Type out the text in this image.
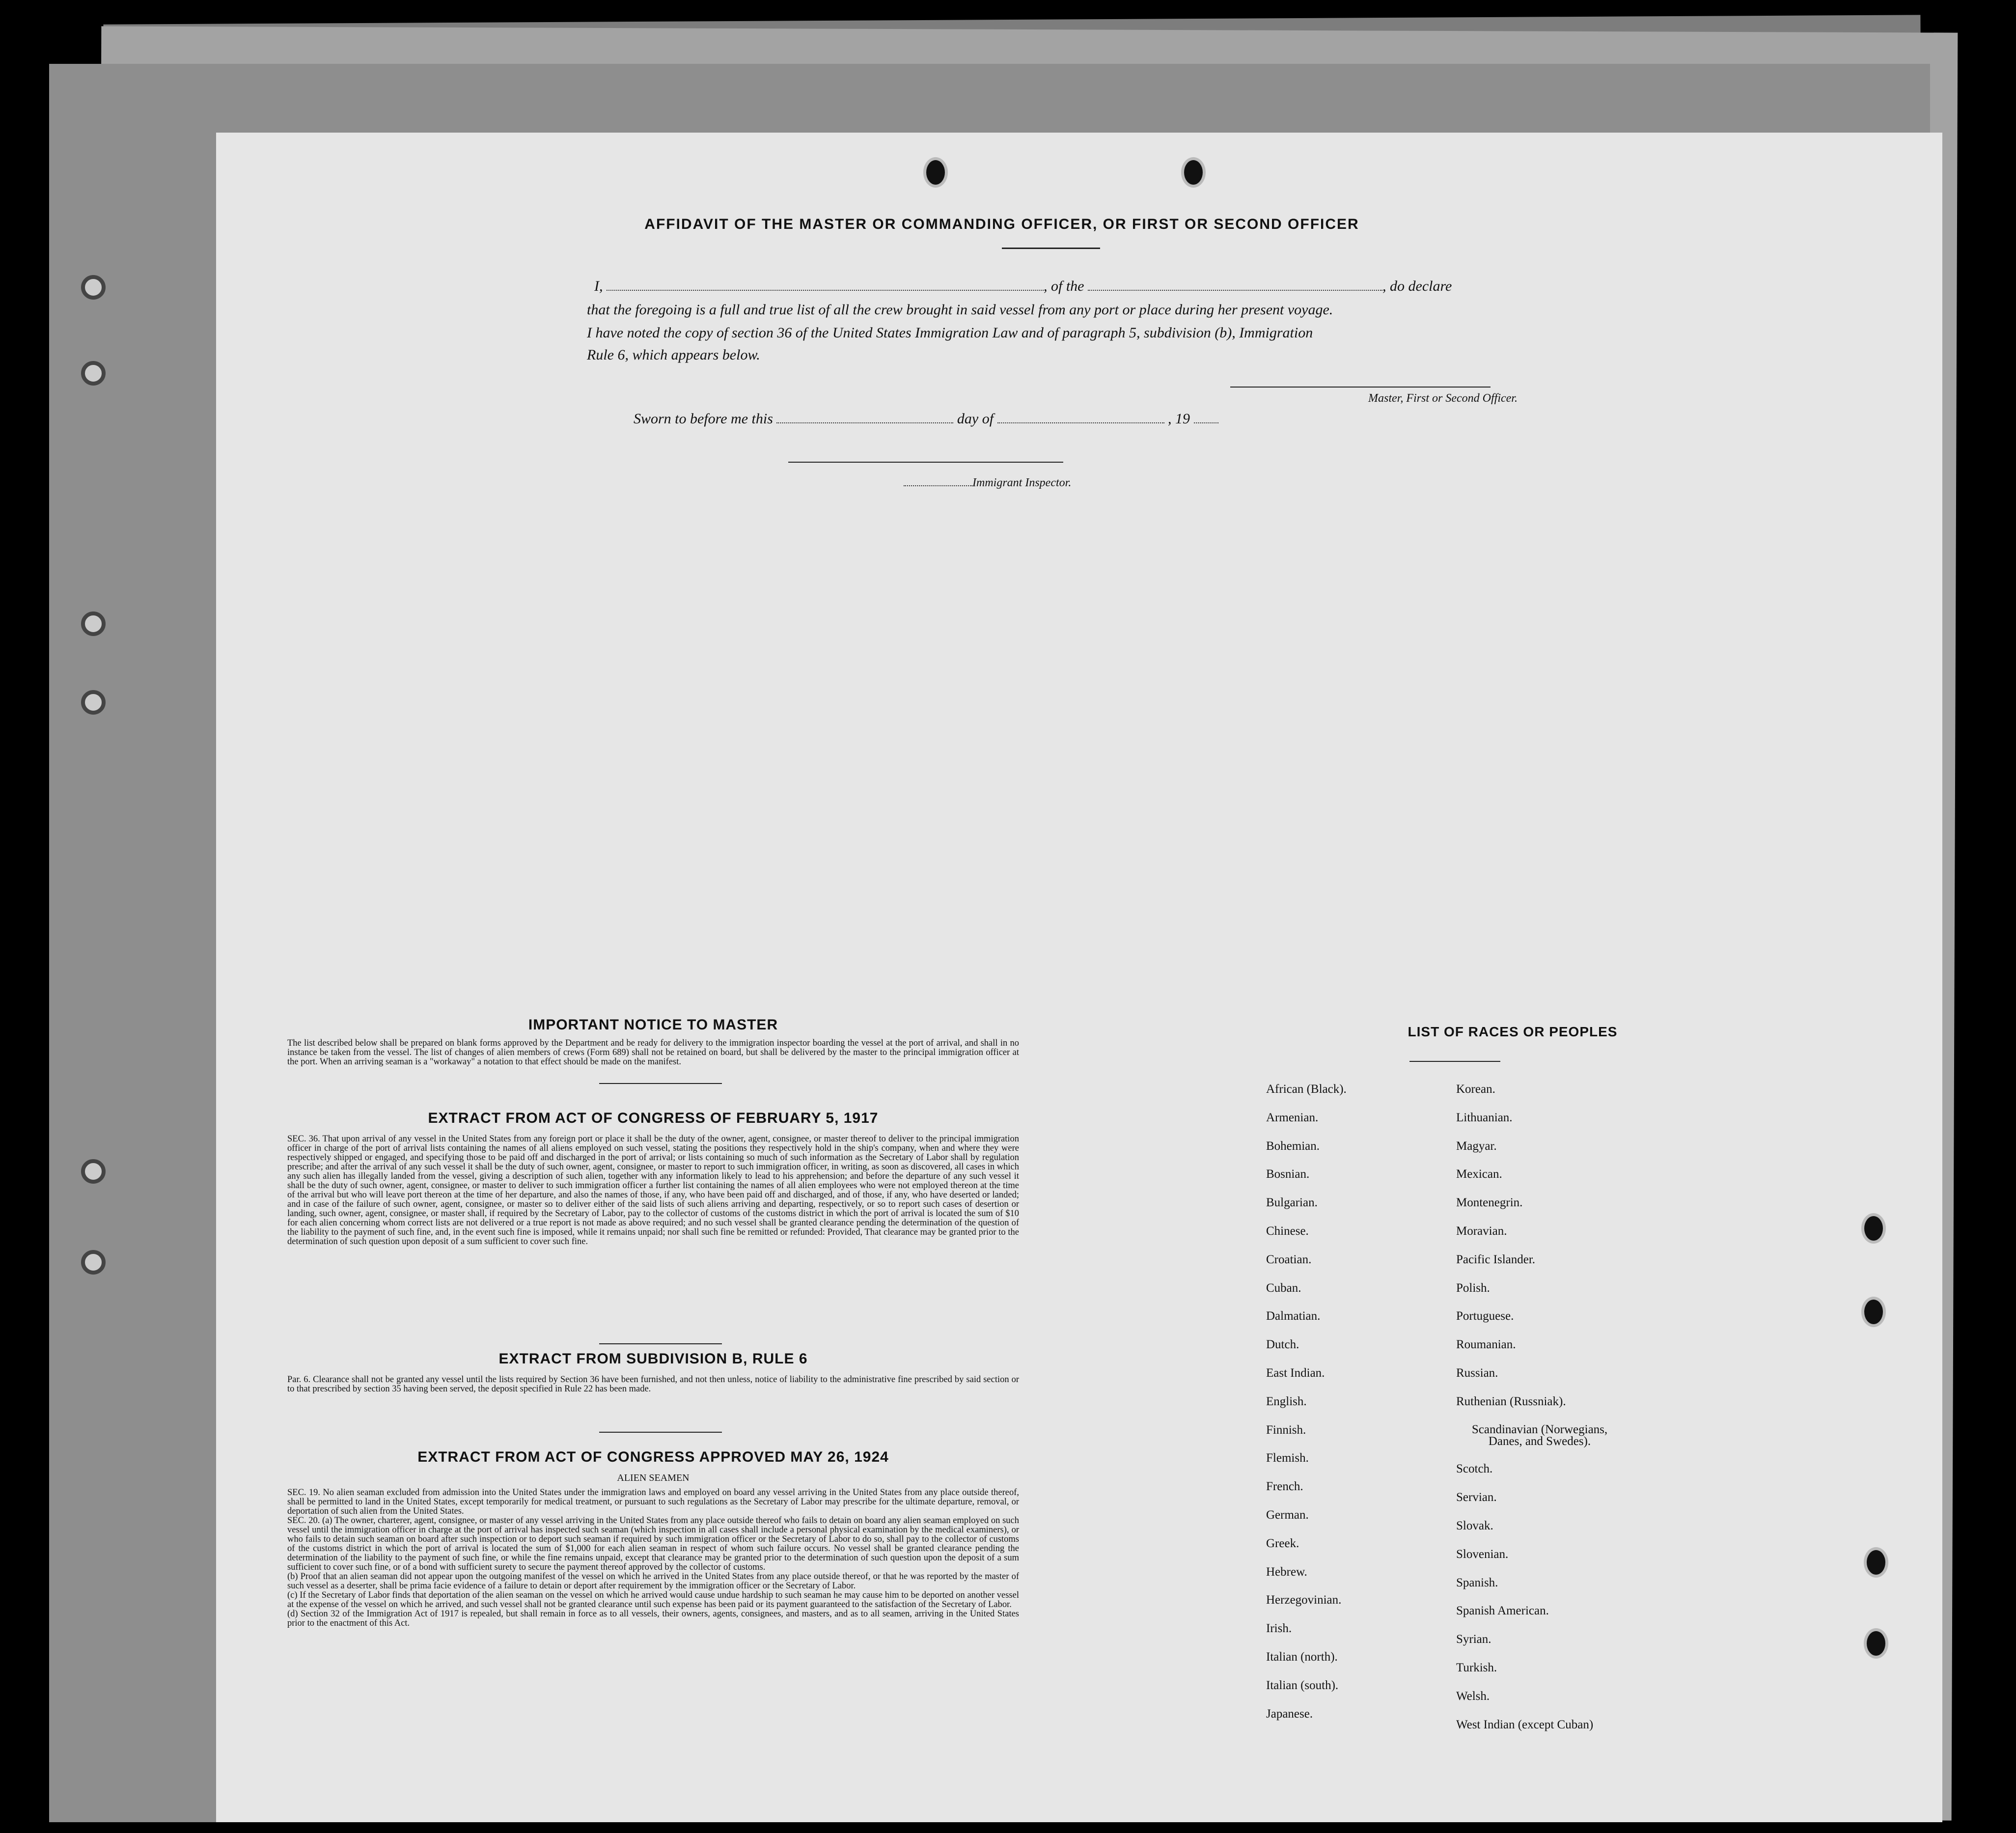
AFFIDAVIT OF THE MASTER OR COMMANDING OFFICER, OR FIRST OR SECOND OFFICER
I,	, of the	, do declare
that the foregoing is a full and true list of all the crew brought in said vessel from any port or place during her present voyage.
I have noted the copy of section 36 of the United States Immigration Law and of paragraph 5, subdivision (b), Immigration
Rule 6, which appears below.
Master, First or Second Officer.
Sworn to before me this	day of	, 19
Immigrant Inspector.
IMPORTANT NOTICE TO MASTER
The list described below shall be prepared on blank forms approved by the Department and be ready for delivery to the immigration inspector boarding the vessel at the port of arrival, and shall in no instance be taken from the vessel. The list of changes of alien members of crews (Form 689) shall not be retained on board, but shall be delivered by the master to the principal immigration officer at the port. When an arriving seaman is a "workaway" a notation to that effect should be made on the manifest.
EXTRACT FROM ACT OF CONGRESS OF FEBRUARY 5, 1917
SEC. 36. That upon arrival of any vessel in the United States from any foreign port or place it shall be the duty of the owner, agent, consignee, or master thereof to deliver to the principal immigration officer in charge of the port of arrival lists containing the names of all aliens employed on such vessel, stating the positions they respectively hold in the ship's company, when and where they were respectively shipped or engaged, and specifying those to be paid off and discharged in the port of arrival; or lists containing so much of such information as the Secretary of Labor shall by regulation prescribe; and after the arrival of any such vessel it shall be the duty of such owner, agent, consignee, or master to report to such immigration officer, in writing, as soon as discovered, all cases in which any such alien has illegally landed from the vessel, giving a description of such alien, together with any information likely to lead to his apprehension; and before the departure of any such vessel it shall be the duty of such owner, agent, consignee, or master to deliver to such immigration officer a further list containing the names of all alien employees who were not employed thereon at the time of the arrival but who will leave port thereon at the time of her departure, and also the names of those, if any, who have been paid off and discharged, and of those, if any, who have deserted or landed; and in case of the failure of such owner, agent, consignee, or master so to deliver either of the said lists of such aliens arriving and departing, respectively, or so to report such cases of desertion or landing, such owner, agent, consignee, or master shall, if required by the Secretary of Labor, pay to the collector of customs of the customs district in which the port of arrival is located the sum of $10 for each alien concerning whom correct lists are not delivered or a true report is not made as above required; and no such vessel shall be granted clearance pending the determination of the question of the liability to the payment of such fine, and, in the event such fine is imposed, while it remains unpaid; nor shall such fine be remitted or refunded: Provided, That clearance may be granted prior to the determination of such question upon deposit of a sum sufficient to cover such fine.
EXTRACT FROM SUBDIVISION B, RULE 6
Par. 6. Clearance shall not be granted any vessel until the lists required by Section 36 have been furnished, and not then unless, notice of liability to the administrative fine prescribed by said section or to that prescribed by section 35 having been served, the deposit specified in Rule 22 has been made.
EXTRACT FROM ACT OF CONGRESS APPROVED MAY 26, 1924
ALIEN SEAMEN
SEC. 19. No alien seaman excluded from admission into the United States under the immigration laws and employed on board any vessel arriving in the United States from any place outside thereof, shall be permitted to land in the United States, except temporarily for medical treatment, or pursuant to such regulations as the Secretary of Labor may prescribe for the ultimate departure, removal, or deportation of such alien from the United States.
SEC. 20. (a) The owner, charterer, agent, consignee, or master of any vessel arriving in the United States from any place outside thereof who fails to detain on board any alien seaman employed on such vessel until the immigration officer in charge at the port of arrival has inspected such seaman (which inspection in all cases shall include a personal physical examination by the medical examiners), or who fails to detain such seaman on board after such inspection or to deport such seaman if required by such immigration officer or the Secretary of Labor to do so, shall pay to the collector of customs of the customs district in which the port of arrival is located the sum of $1,000 for each alien seaman in respect of whom such failure occurs. No vessel shall be granted clearance pending the determination of the liability to the payment of such fine, or while the fine remains unpaid, except that clearance may be granted prior to the determination of such question upon the deposit of a sum sufficient to cover such fine, or of a bond with sufficient surety to secure the payment thereof approved by the collector of customs.
(b) Proof that an alien seaman did not appear upon the outgoing manifest of the vessel on which he arrived in the United States from any place outside thereof, or that he was reported by the master of such vessel as a deserter, shall be prima facie evidence of a failure to detain or deport after requirement by the immigration officer or the Secretary of Labor.
(c) If the Secretary of Labor finds that deportation of the alien seaman on the vessel on which he arrived would cause undue hardship to such seaman he may cause him to be deported on another vessel at the expense of the vessel on which he arrived, and such vessel shall not be granted clearance until such expense has been paid or its payment guaranteed to the satisfaction of the Secretary of Labor.
(d) Section 32 of the Immigration Act of 1917 is repealed, but shall remain in force as to all vessels, their owners, agents, consignees, and masters, and as to all seamen, arriving in the United States prior to the enactment of this Act.
LIST OF RACES OR PEOPLES
African (Black).
Armenian.
Bohemian.
Bosnian.
Bulgarian.
Chinese.
Croatian.
Cuban.
Dalmatian.
Dutch.
East Indian.
English.
Finnish.
Flemish.
French.
German.
Greek.
Hebrew.
Herzegovinian.
Irish.
Italian (north).
Italian (south).
Japanese.
Korean.
Lithuanian.
Magyar.
Mexican.
Montenegrin.
Moravian.
Pacific Islander.
Polish.
Portuguese.
Roumanian.
Russian.
Ruthenian (Russniak).
Scandinavian (Norwegians, Danes, and Swedes).
Scotch.
Servian.
Slovak.
Slovenian.
Spanish.
Spanish American.
Syrian.
Turkish.
Welsh.
West Indian (except Cuban)
